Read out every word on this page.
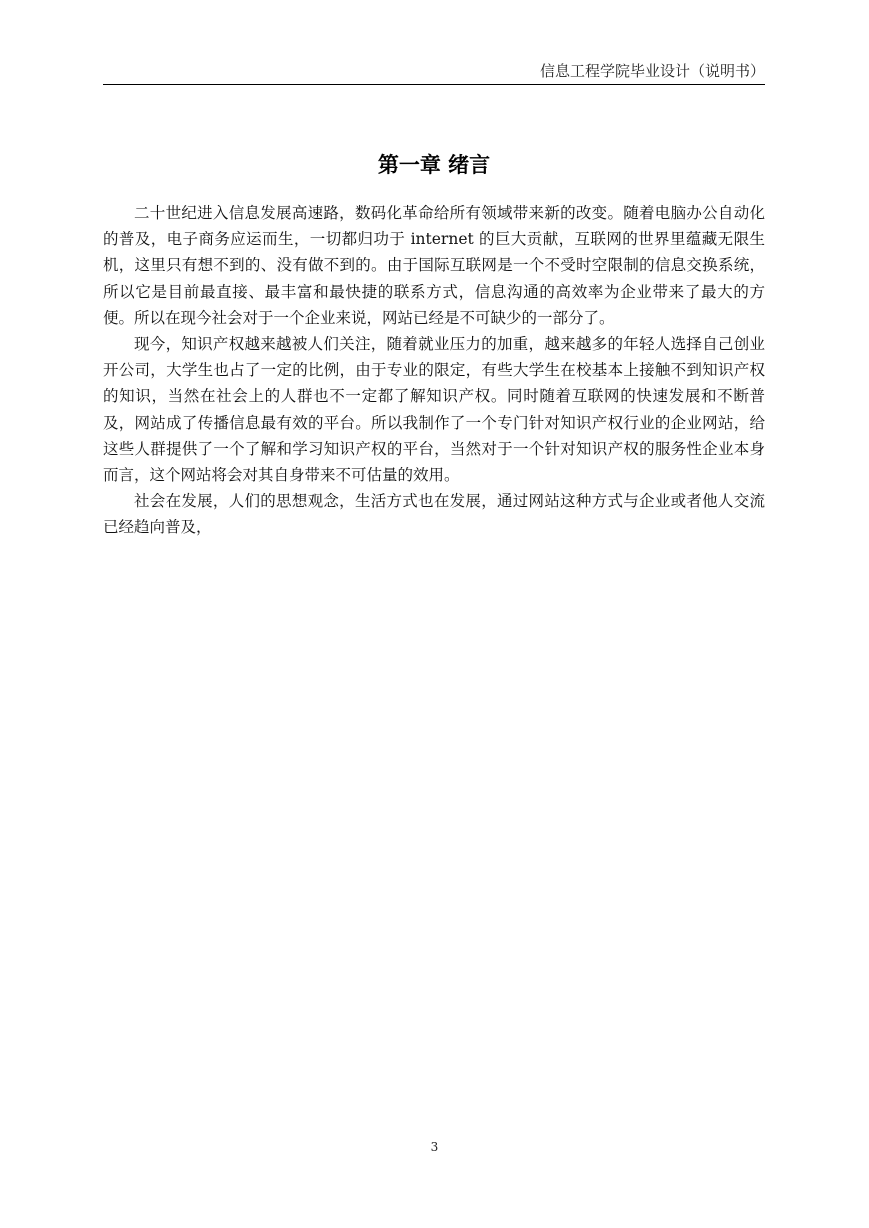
信息工程学院毕业设计（说明书）
第一章 绪言

二十世纪进入信息发展高速路，数码化革命给所有领域带来新的改变。随着电脑办公自动化的普及，电子商务应运而生，一切都归功于 internet 的巨大贡献，互联网的世界里蕴藏无限生机，这里只有想不到的、没有做不到的。由于国际互联网是一个不受时空限制的信息交换系统，所以它是目前最直接、最丰富和最快捷的联系方式，信息沟通的高效率为企业带来了最大的方便。所以在现今社会对于一个企业来说，网站已经是不可缺少的一部分了。

现今，知识产权越来越被人们关注，随着就业压力的加重，越来越多的年轻人选择自己创业开公司，大学生也占了一定的比例，由于专业的限定，有些大学生在校基本上接触不到知识产权的知识，当然在社会上的人群也不一定都了解知识产权。同时随着互联网的快速发展和不断普及，网站成了传播信息最有效的平台。所以我制作了一个专门针对知识产权行业的企业网站，给这些人群提供了一个了解和学习知识产权的平台，当然对于一个针对知识产权的服务性企业本身而言，这个网站将会对其自身带来不可估量的效用。

社会在发展，人们的思想观念，生活方式也在发展，通过网站这种方式与企业或者他人交流已经趋向普及，

3
